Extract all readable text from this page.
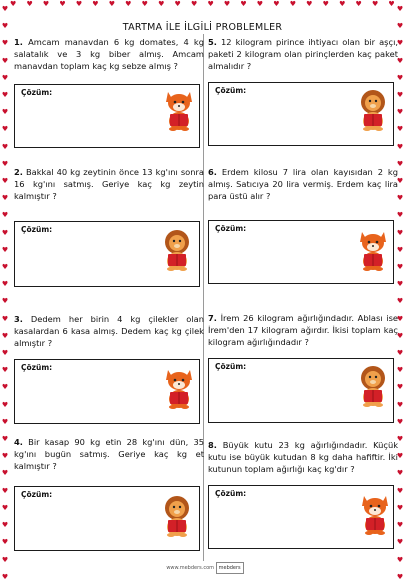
♥ ♥ ♥ ♥ ♥ ♥ ♥ ♥ ♥ ♥ ♥ ♥ ♥ ♥ ♥ ♥ ♥ ♥ ♥ ♥ ♥ ♥ ♥ ♥
♥
♥
♥
♥
♥
♥
♥
♥
♥
♥
♥
♥
♥
♥
♥
♥
♥
♥
♥
♥
♥
♥
♥
♥
♥
♥
♥
♥
♥
♥
♥
♥
♥
♥
♥
♥
♥
♥
♥
♥
♥
♥
♥
♥
♥
♥
♥
♥
♥
♥
♥
♥
♥
♥
♥
♥
♥
♥
♥
♥
♥
♥
♥
♥
♥
♥
♥
♥
TARTMA İLE İLGİLİ PROBLEMLER

1. Amcam manavdan 6 kg domates, 4 kg salatalık ve 3 kg biber almış. Amcam manavdan toplam kaç kg sebze almış ?

Çözüm:

2. Bakkal 40 kg zeytinin önce 13 kg'ını sonra 16 kg'ını satmış. Geriye kaç kg zeytin kalmıştır ?

Çözüm:

3. Dedem her birin 4 kg çilekler olan kasalardan 6 kasa almış. Dedem kaç kg çilek almıştır ?

Çözüm:

4. Bir kasap 90 kg etin 28 kg'ını dün, 35 kg'ını bugün satmış. Geriye kaç kg et kalmıştır ?

Çözüm:

5. 12 kilogram pirince ihtiyacı olan bir aşçı, paketi 2 kilogram olan pirinçlerden kaç paket almalıdır ?

Çözüm:

6. Erdem kilosu 7 lira olan kayısıdan 2 kg almış. Satıcıya 20 lira vermiş. Erdem kaç lira para üstü alır ?

Çözüm:

7. İrem 26 kilogram ağırlığındadır. Ablası ise İrem'den 17 kilogram ağırdır. İkisi toplam kaç kilogram ağırlığındadır ?

Çözüm:

8. Büyük kutu 23 kg ağırlığındadır. Küçük kutu ise büyük kutudan 8 kg daha hafiftir. İki kutunun toplam ağırlığı kaç kg'dır ?

Çözüm:
www.mebders.com mebders
